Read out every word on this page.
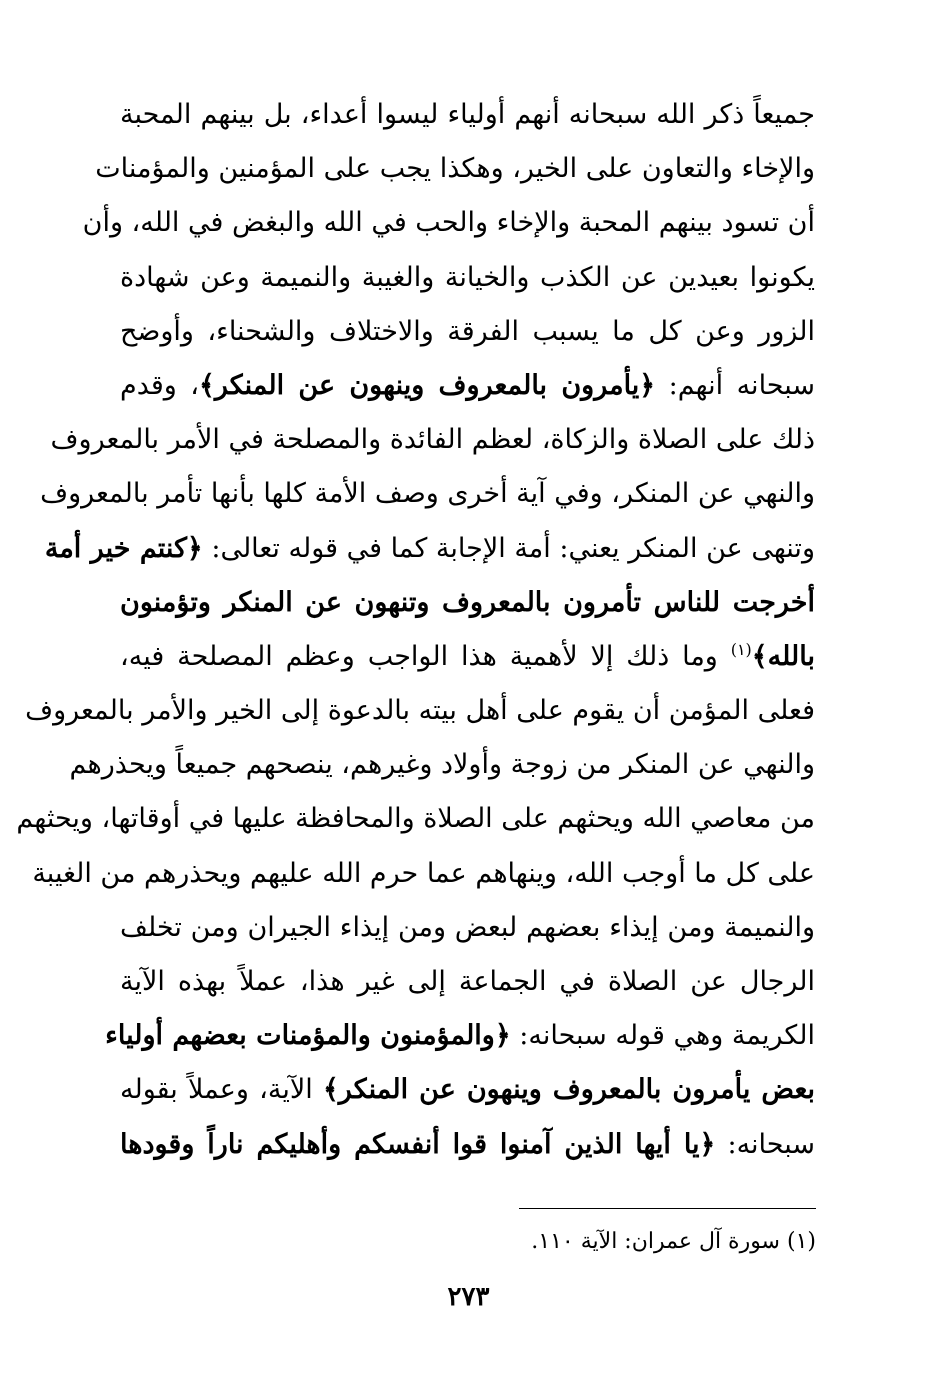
جميعاً ذكر الله سبحانه أنهم أولياء ليسوا أعداء، بل بينهم المحبة
والإخاء والتعاون على الخير، وهكذا يجب على المؤمنين والمؤمنات
أن تسود بينهم المحبة والإخاء والحب في الله والبغض في الله، وأن
يكونوا بعيدين عن الكذب والخيانة والغيبة والنميمة وعن شهادة
الزور وعن كل ما يسبب الفرقة والاختلاف والشحناء، وأوضح
سبحانه أنهم: ﴿يأمرون بالمعروف وينهون عن المنكر﴾، وقدم
ذلك على الصلاة والزكاة، لعظم الفائدة والمصلحة في الأمر بالمعروف
والنهي عن المنكر، وفي آية أخرى وصف الأمة كلها بأنها تأمر بالمعروف
وتنهى عن المنكر يعني: أمة الإجابة كما في قوله تعالى: ﴿كنتم خير أمة
أخرجت للناس تأمرون بالمعروف وتنهون عن المنكر وتؤمنون
بالله﴾$^{(١)}$ وما ذلك إلا لأهمية هذا الواجب وعظم المصلحة فيه،
فعلى المؤمن أن يقوم على أهل بيته بالدعوة إلى الخير والأمر بالمعروف
والنهي عن المنكر من زوجة وأولاد وغيرهم، ينصحهم جميعاً ويحذرهم
من معاصي الله ويحثهم على الصلاة والمحافظة عليها في أوقاتها، ويحثهم
على كل ما أوجب الله، وينهاهم عما حرم الله عليهم ويحذرهم من الغيبة
والنميمة ومن إيذاء بعضهم لبعض ومن إيذاء الجيران ومن تخلف
الرجال عن الصلاة في الجماعة إلى غير هذا، عملاً بهذه الآية
الكريمة وهي قوله سبحانه: ﴿والمؤمنون والمؤمنات بعضهم أولياء
بعض يأمرون بالمعروف وينهون عن المنكر﴾ الآية، وعملاً بقوله
سبحانه: ﴿يا أيها الذين آمنوا قوا أنفسكم وأهليكم ناراً وقودها
(١) سورة آل عمران: الآية ١١٠.
٢٧٣
